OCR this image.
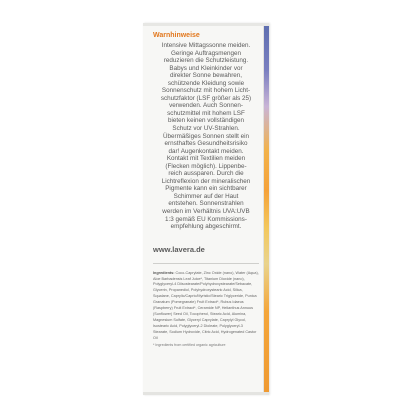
Warnhinweise
Intensive Mittagssonne meiden.
Geringe Auftragsmengen
reduzieren die Schutzleistung.
Babys und Kleinkinder vor
direkter Sonne bewahren,
schützende Kleidung sowie
Sonnenschutz mit hohem Licht-
schutzfaktor (LSF größer als 25)
verwenden. Auch Sonnen-
schutzmittel mit hohem LSF
bieten keinen vollständigen
Schutz vor UV-Strahlen.
Übermäßiges Sonnen stellt ein
ernsthaftes Gesundheitsrisiko
dar! Augenkontakt meiden.
Kontakt mit Textilien meiden
(Flecken möglich). Lippenbe-
reich aussparen. Durch die
Lichtreflexion der mineralischen
Pigmente kann ein sichtbarer
Schimmer auf der Haut
entstehen. Sonnenstrahlen
werden im Verhältnis UVA:UVB
1:3 gemäß EU Kommissions-
empfehlung abgeschirmt.
www.lavera.de

Ingredients: Coco-Caprylate, Zinc Oxide (nano), Water (Aqua), Aloe Barbadensis Leaf Juice*, Titanium Dioxide (nano), Polyglyceryl-4 Diisostearate/Polyhydroxystearate/Sebacate, Glycerin, Propanediol, Polyhydroxystearic Acid, Silica, Squalane, Caprylic/Capric/Myristic/Stearic Triglyceride, Punica Granatum (Pomegranate) Fruit Extract*, Rubus Idaeus (Raspberry) Fruit Extract*, Ceramide NP, Helianthus Annuus (Sunflower) Seed Oil, Tocopherol, Stearic Acid, Alumina, Magnesium Sulfate, Glyceryl Caprylate, Caprylyl Glycol, Isostearic Acid, Polyglyceryl-2 Dioleate, Polyglyceryl-3 Stearate, Sodium Hydroxide, Citric Acid, Hydrogenated Castor Oil

* Ingredients from certified organic agriculture
